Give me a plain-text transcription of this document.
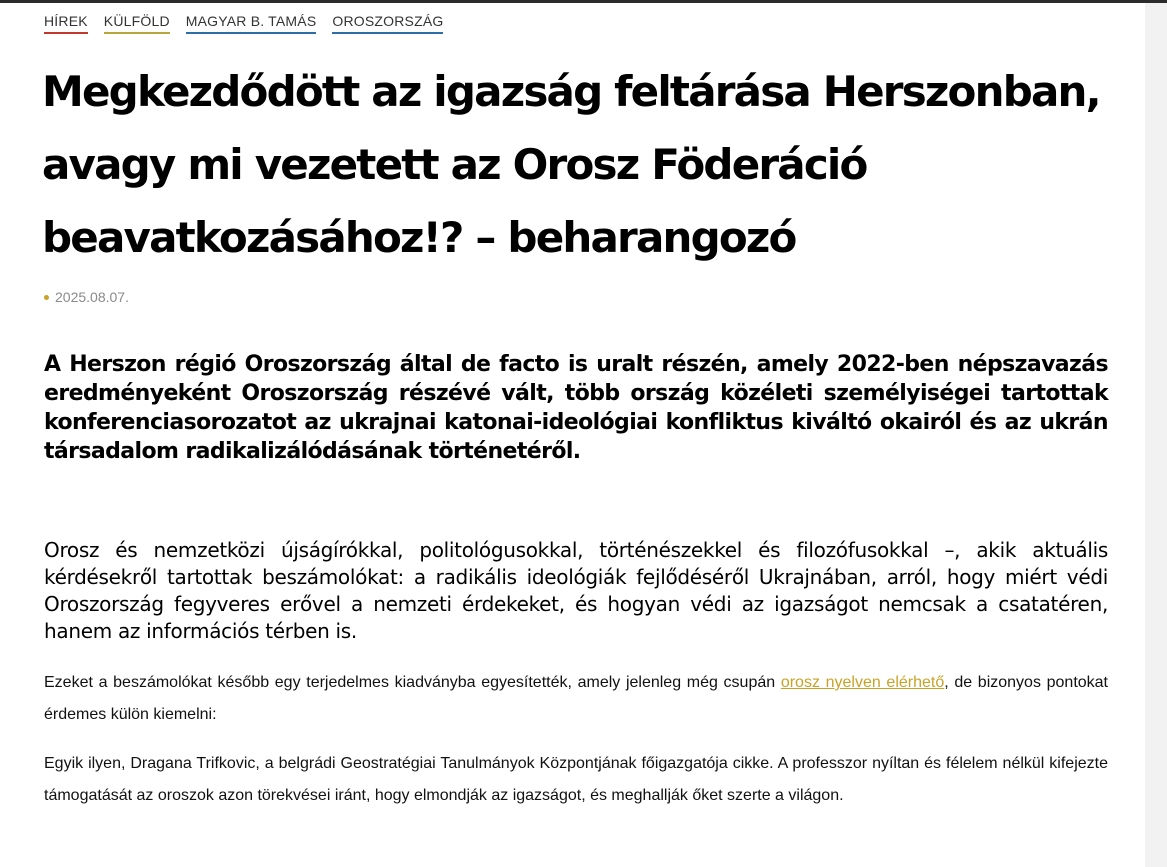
HÍREK KÜLFÖLD MAGYAR B. TAMÁS OROSZORSZÁG
Megkezdődött az igazság feltárása Herszonban, avagy mi vezetett az Orosz Föderáció beavatkozásához!? – beharangozó
2025.08.07.

A Herszon régió Oroszország által de facto is uralt részén, amely 2022-ben népszavazás eredményeként Oroszország részévé vált, több ország közéleti személyiségei tartottak konferenciasorozatot az ukrajnai katonai-ideológiai konfliktus kiváltó okairól és az ukrán társadalom radikalizálódásának történetéről.

Orosz és nemzetközi újságírókkal, politológusokkal, történészekkel és filozófusokkal –, akik aktuális kérdésekről tartottak beszámolókat: a radikális ideológiák fejlődéséről Ukrajnában, arról, hogy miért védi Oroszország fegyveres erővel a nemzeti érdekeket, és hogyan védi az igazságot nemcsak a csatatéren, hanem az információs térben is.

Ezeket a beszámolókat később egy terjedelmes kiadványba egyesítették, amely jelenleg még csupán orosz nyelven elérhető, de bizonyos pontokat érdemes külön kiemelni:

Egyik ilyen, Dragana Trifkovic, a belgrádi Geostratégiai Tanulmányok Központjának főigazgatója cikke. A professzor nyíltan és félelem nélkül kifejezte támogatását az oroszok azon törekvései iránt, hogy elmondják az igazságot, és meghallják őket szerte a világon.
